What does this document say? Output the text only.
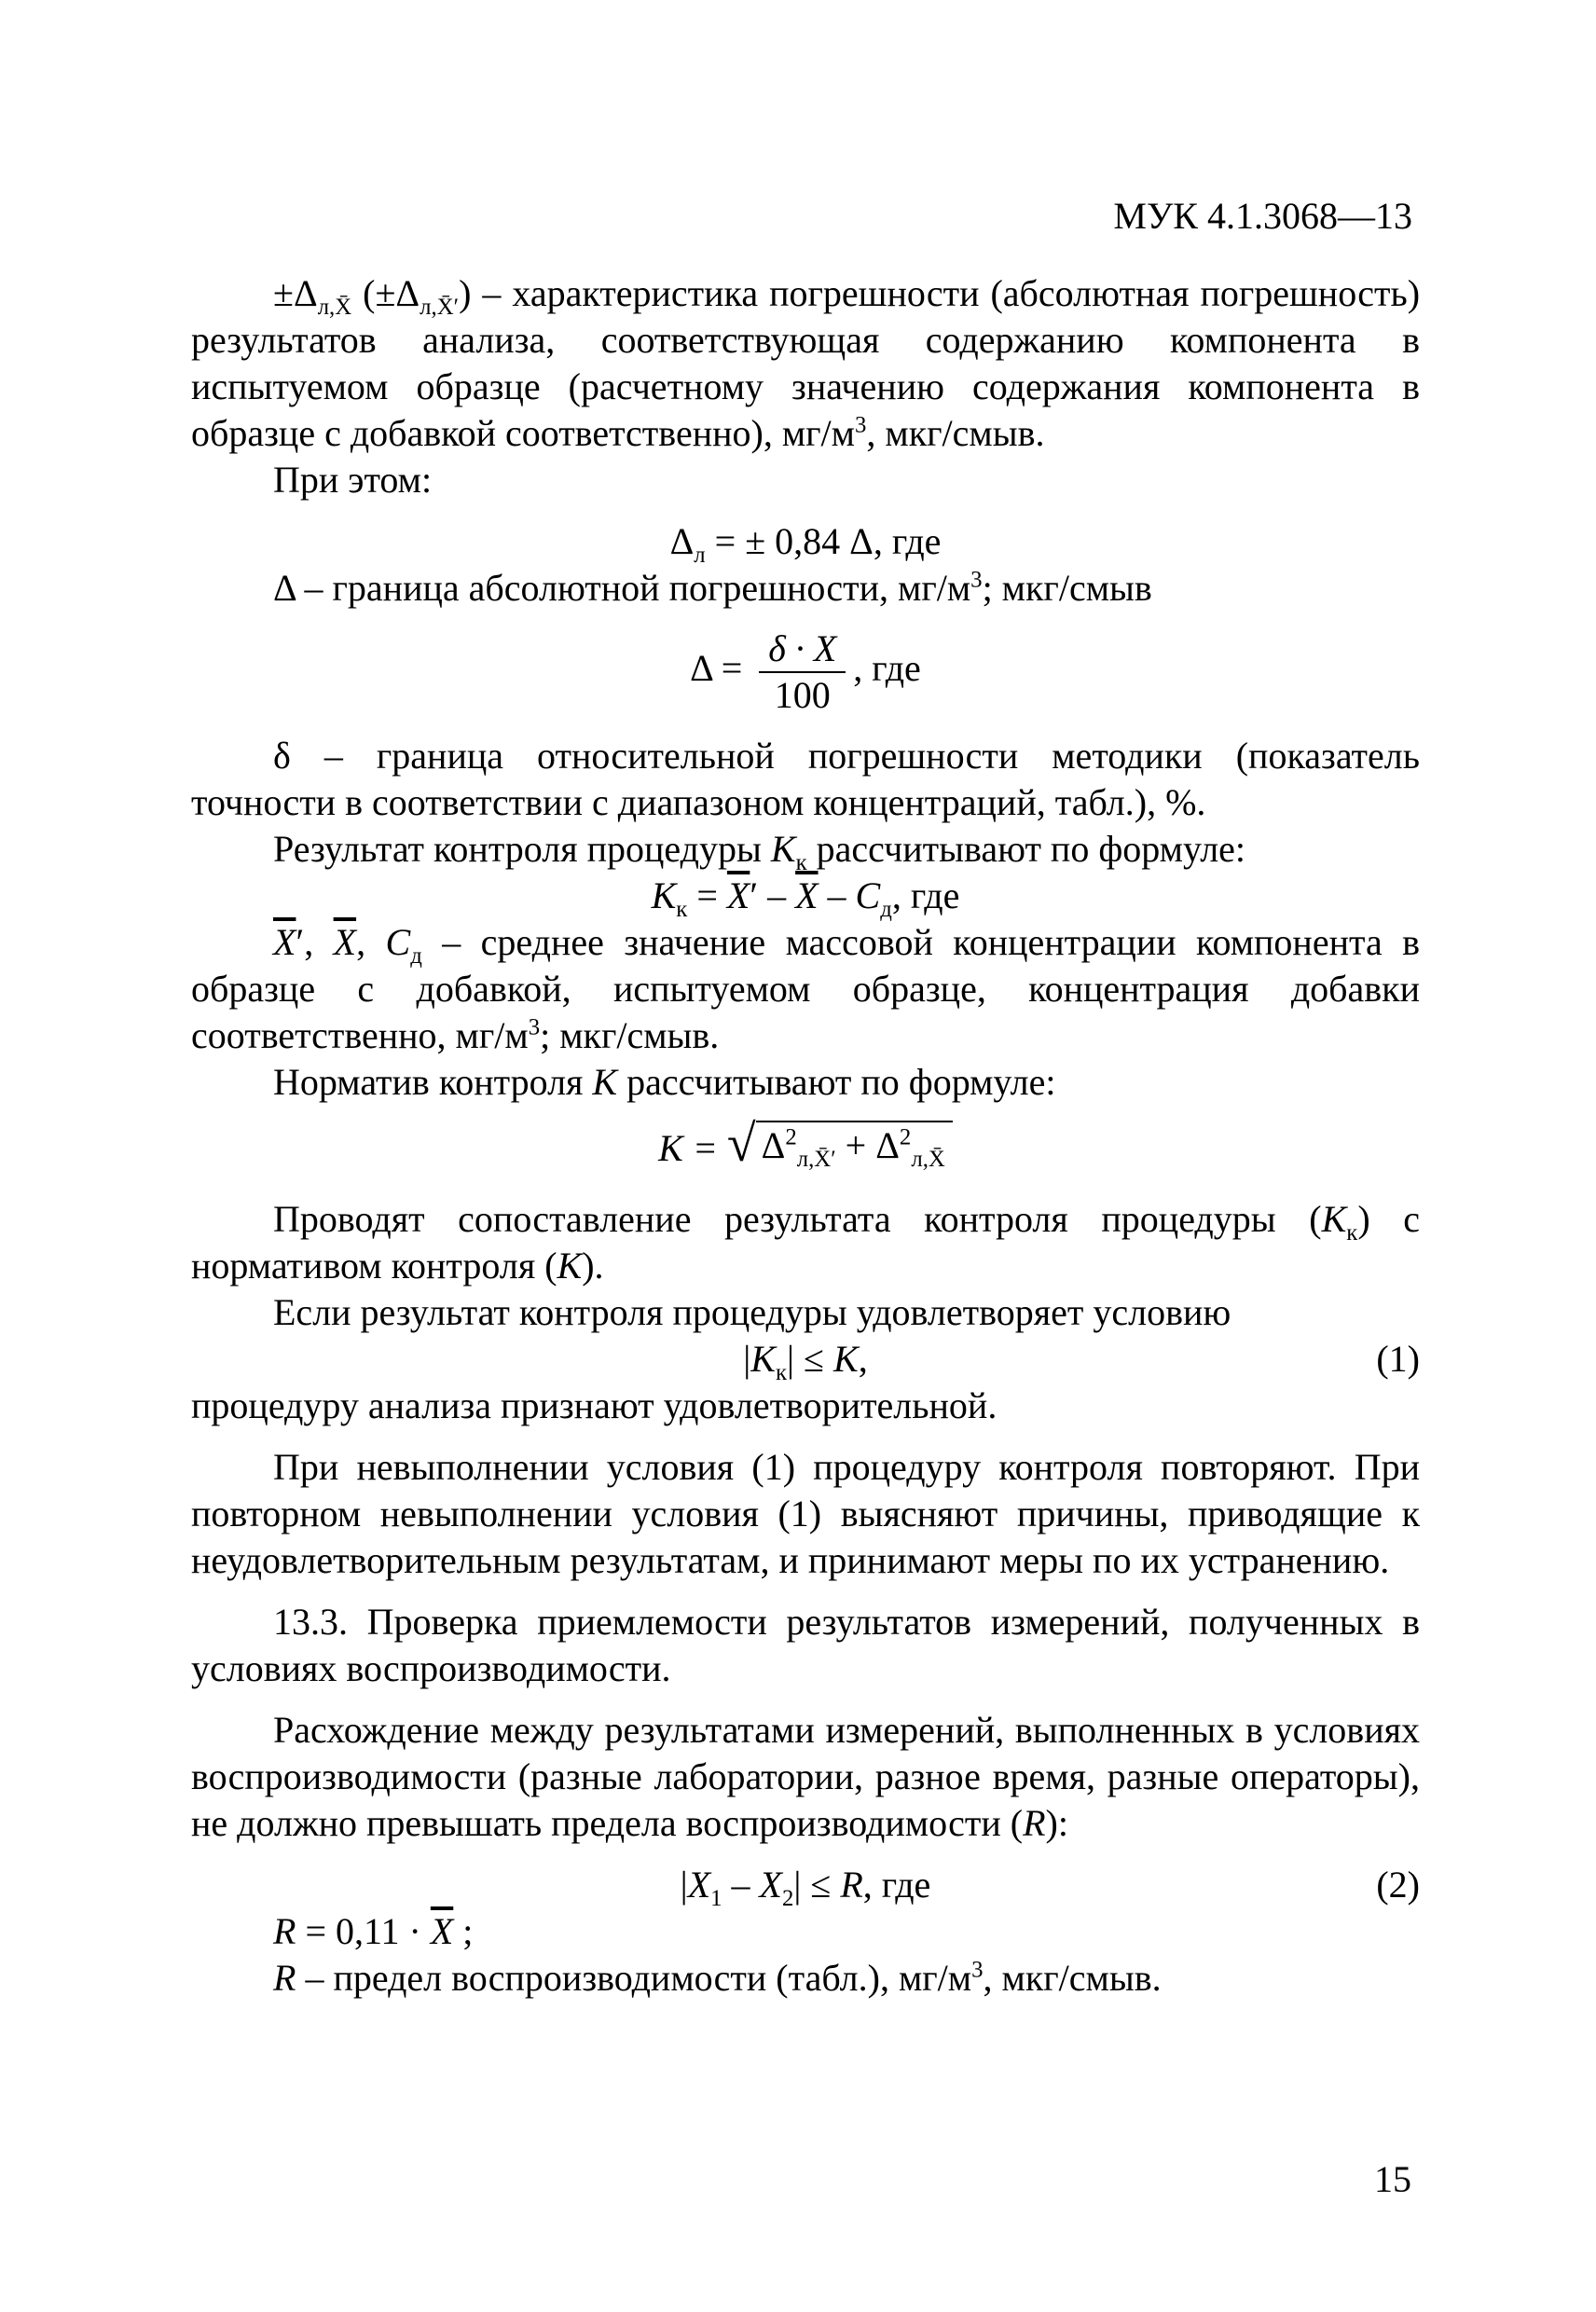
МУК 4.1.3068—13

$\pm\Delta_{л,X̄}$ $(\pm\Delta_{л,X̄'})$ – характеристика погрешности (абсолютная погрешность) результатов анализа, соответствующая содержанию компонента в испытуемом образце (расчетному значению содержания компонента в образце с добавкой соответственно), $мг/м^3$, мкг/смыв.

При этом:

$\Delta_л$ = ± 0,84 Δ, где

Δ – граница абсолютной погрешности, $мг/м^3$; мкг/смыв

$\Delta = \frac{\delta \cdot X}{100}$ , где

δ – граница относительной погрешности методики (показатель точности в соответствии с диапазоном концентраций, табл.), %.

Результат контроля процедуры $K_к$ рассчитывают по формуле:

$K_к = \overline{X}' - \overline{X} - C_д$, где

$\overline{X}'$, $\overline{X}$, $C_д$ – среднее значение массовой концентрации компонента в образце с добавкой, испытуемом образце, концентрация добавки соответственно, $мг/м^3$; мкг/смыв.

Норматив контроля K рассчитывают по формуле:

K = √ $\Delta^2_{л,X̄'} + \Delta^2_{л,X̄}$

Проводят сопоставление результата контроля процедуры $(K_к)$ с нормативом контроля (K).

Если результат контроля процедуры удовлетворяет условию

$|K_к| \le K$,	(1)

процедуру анализа признают удовлетворительной.

При невыполнении условия (1) процедуру контроля повторяют. При повторном невыполнении условия (1) выясняют причины, приводящие к неудовлетворительным результатам, и принимают меры по их устранению.

13.3. Проверка приемлемости результатов измерений, полученных в условиях воспроизводимости.

Расхождение между результатами измерений, выполненных в условиях воспроизводимости (разные лаборатории, разное время, разные операторы), не должно превышать предела воспроизводимости (R):

$|X_1 - X_2| \le R$, где	(2)

$R = 0,11 \cdot \overline{X}$ ;

R – предел воспроизводимости (табл.), $мг/м^3$, мкг/смыв.

15
